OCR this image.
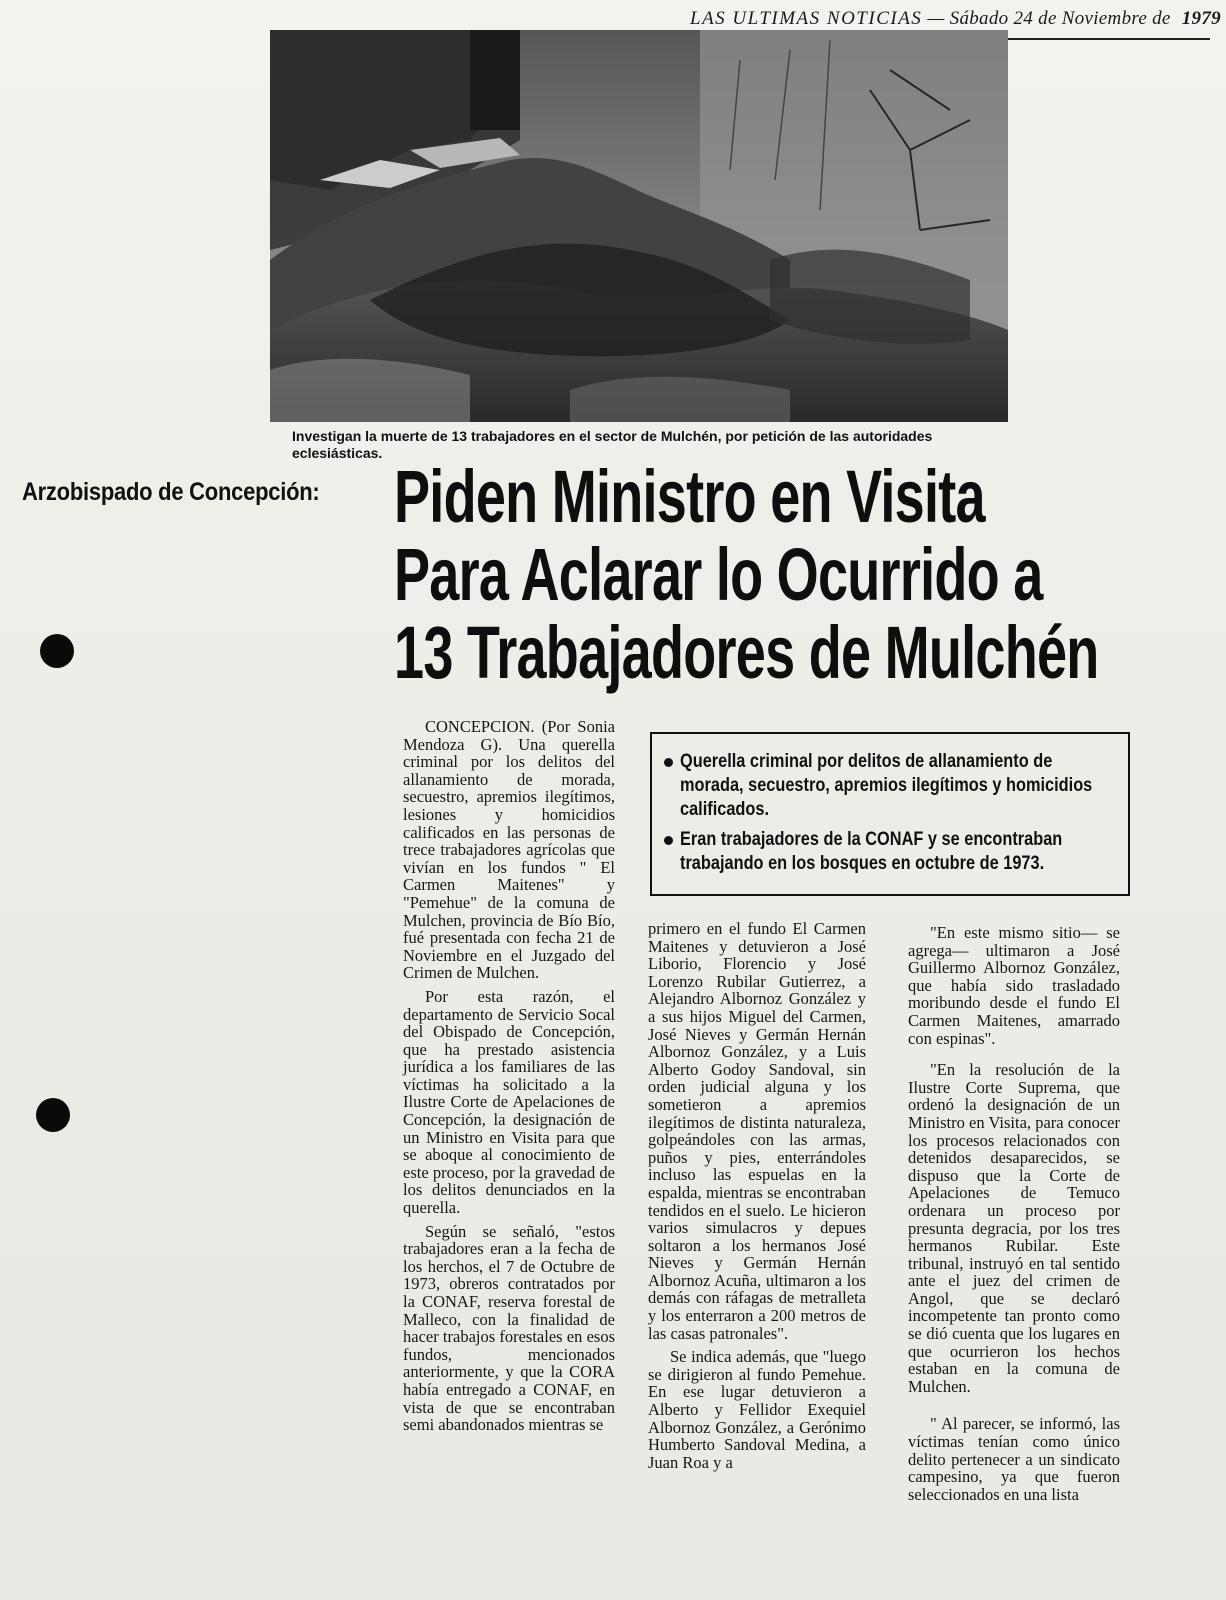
LAS ULTIMAS NOTICIAS — Sábado 24 de Noviembre de 1979
Investigan la muerte de 13 trabajadores en el sector de Mulchén, por petición de las autoridades eclesiásticas.
Arzobispado de Concepción: Piden Ministro en Visita
Para Aclarar lo Ocurrido a
13 Trabajadores de Mulchén

CONCEPCION. (Por Sonia Mendoza G). Una querella criminal por los delitos del allanamiento de morada, secuestro, apremios ilegítimos, lesiones y homicidios calificados en las personas de trece trabajadores agrícolas que vivían en los fundos " El Carmen Maitenes" y "Pemehue" de la comuna de Mulchen, provincia de Bío Bío, fué presentada con fecha 21 de Noviembre en el Juzgado del Crimen de Mulchen.

Por esta razón, el departamento de Servicio Socal del Obispado de Concepción, que ha prestado asistencia jurídica a los familiares de las víctimas ha solicitado a la Ilustre Corte de Apelaciones de Concepción, la designación de un Ministro en Visita para que se aboque al conocimiento de este proceso, por la gravedad de los delitos denunciados en la querella.

Según se señaló, "estos trabajadores eran a la fecha de los herchos, el 7 de Octubre de 1973, obreros contratados por la CONAF, reserva forestal de Malleco, con la finalidad de hacer trabajos forestales en esos fundos, mencionados anteriormente, y que la CORA había entregado a CONAF, en vista de que se encontraban semi abandonados mientras se

Querella criminal por delitos de allanamiento de morada, secuestro, apremios ilegítimos y homicidios calificados.
Eran trabajadores de la CONAF y se encontraban trabajando en los bosques en octubre de 1973.

primero en el fundo El Carmen Maitenes y detuvieron a José Liborio, Florencio y José Lorenzo Rubilar Gutierrez, a Alejandro Albornoz González y a sus hijos Miguel del Carmen, José Nieves y Germán Hernán Albornoz González, y a Luis Alberto Godoy Sandoval, sin orden judicial alguna y los sometieron a apremios ilegítimos de distinta naturaleza, golpeándoles con las armas, puños y pies, enterrándoles incluso las espuelas en la espalda, mientras se encontraban tendidos en el suelo. Le hicieron varios simulacros y depues soltaron a los hermanos José Nieves y Germán Hernán Albornoz Acuña, ultimaron a los demás con ráfagas de metralleta y los enterraron a 200 metros de las casas patronales".

Se indica además, que "luego se dirigieron al fundo Pemehue. En ese lugar detuvieron a Alberto y Fellidor Exequiel Albornoz González, a Gerónimo Humberto Sandoval Medina, a Juan Roa y a

"En este mismo sitio— se agrega— ultimaron a José Guillermo Albornoz González, que había sido trasladado moribundo desde el fundo El Carmen Maitenes, amarrado con espinas".

"En la resolución de la Ilustre Corte Suprema, que ordenó la designación de un Ministro en Visita, para conocer los procesos relacionados con detenidos desaparecidos, se dispuso que la Corte de Apelaciones de Temuco ordenara un proceso por presunta degracia, por los tres hermanos Rubilar. Este tribunal, instruyó en tal sentido ante el juez del crimen de Angol, que se declaró incompetente tan pronto como se dió cuenta que los lugares en que ocurrieron los hechos estaban en la comuna de Mulchen.

" Al parecer, se informó, las víctimas tenían como único delito pertenecer a un sindicato campesino, ya que fueron seleccionados en una lista
